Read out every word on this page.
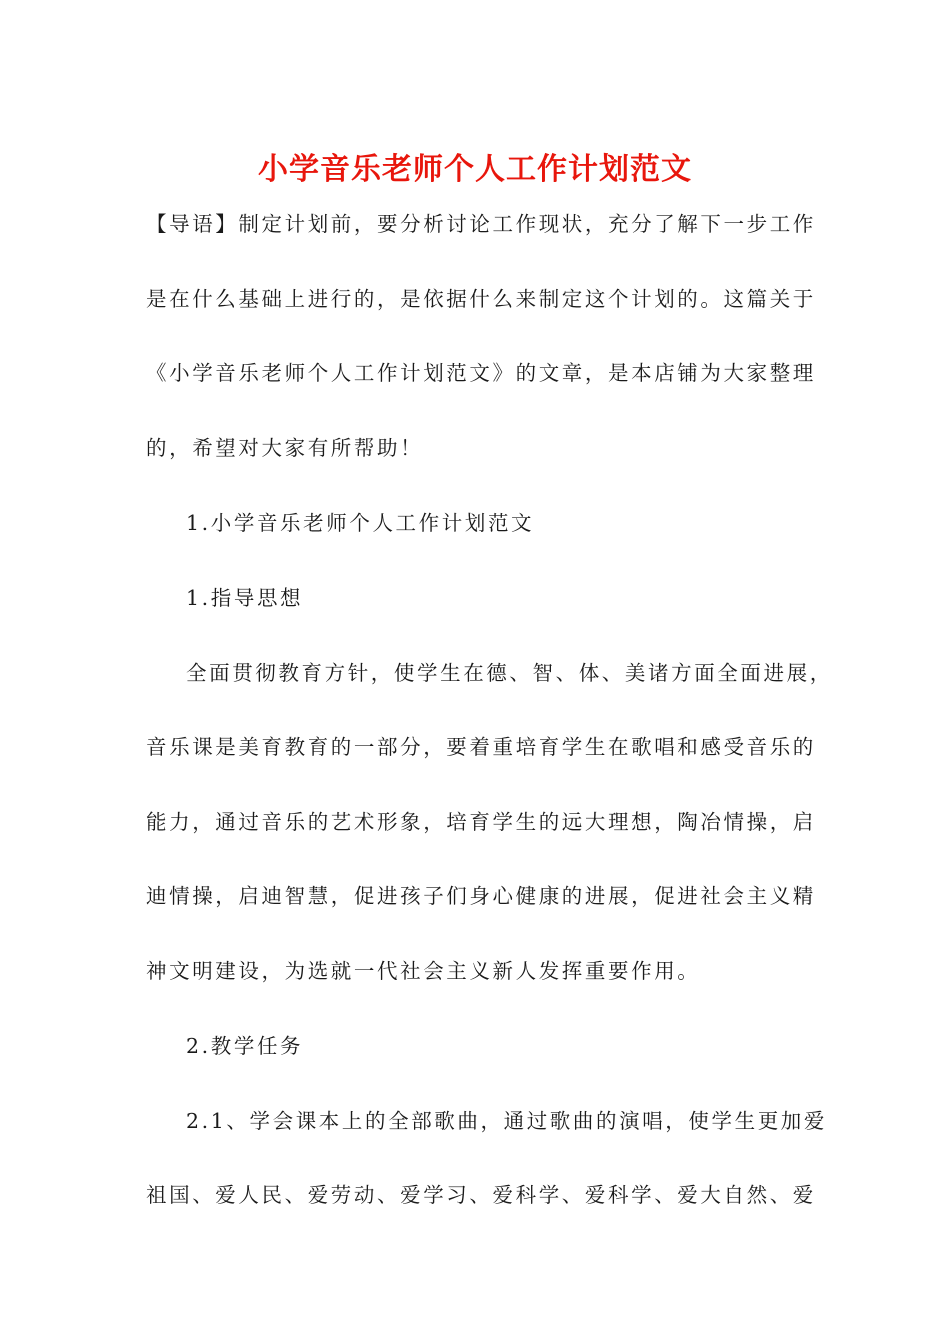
小学音乐老师个人工作计划范文
【导语】制定计划前，要分析讨论工作现状，充分了解下一步工作
是在什么基础上进行的，是依据什么来制定这个计划的。这篇关于
《小学音乐老师个人工作计划范文》的文章，是本店铺为大家整理
的，希望对大家有所帮助！
1.小学音乐老师个人工作计划范文
1.指导思想
全面贯彻教育方针，使学生在德、智、体、美诸方面全面进展，
音乐课是美育教育的一部分，要着重培育学生在歌唱和感受音乐的
能力，通过音乐的艺术形象，培育学生的远大理想，陶冶情操，启
迪情操，启迪智慧，促进孩子们身心健康的进展，促进社会主义精
神文明建设，为选就一代社会主义新人发挥重要作用。
2.教学任务
2.1、学会课本上的全部歌曲，通过歌曲的演唱，使学生更加爱
祖国、爱人民、爱劳动、爱学习、爱科学、爱科学、爱大自然、爱
